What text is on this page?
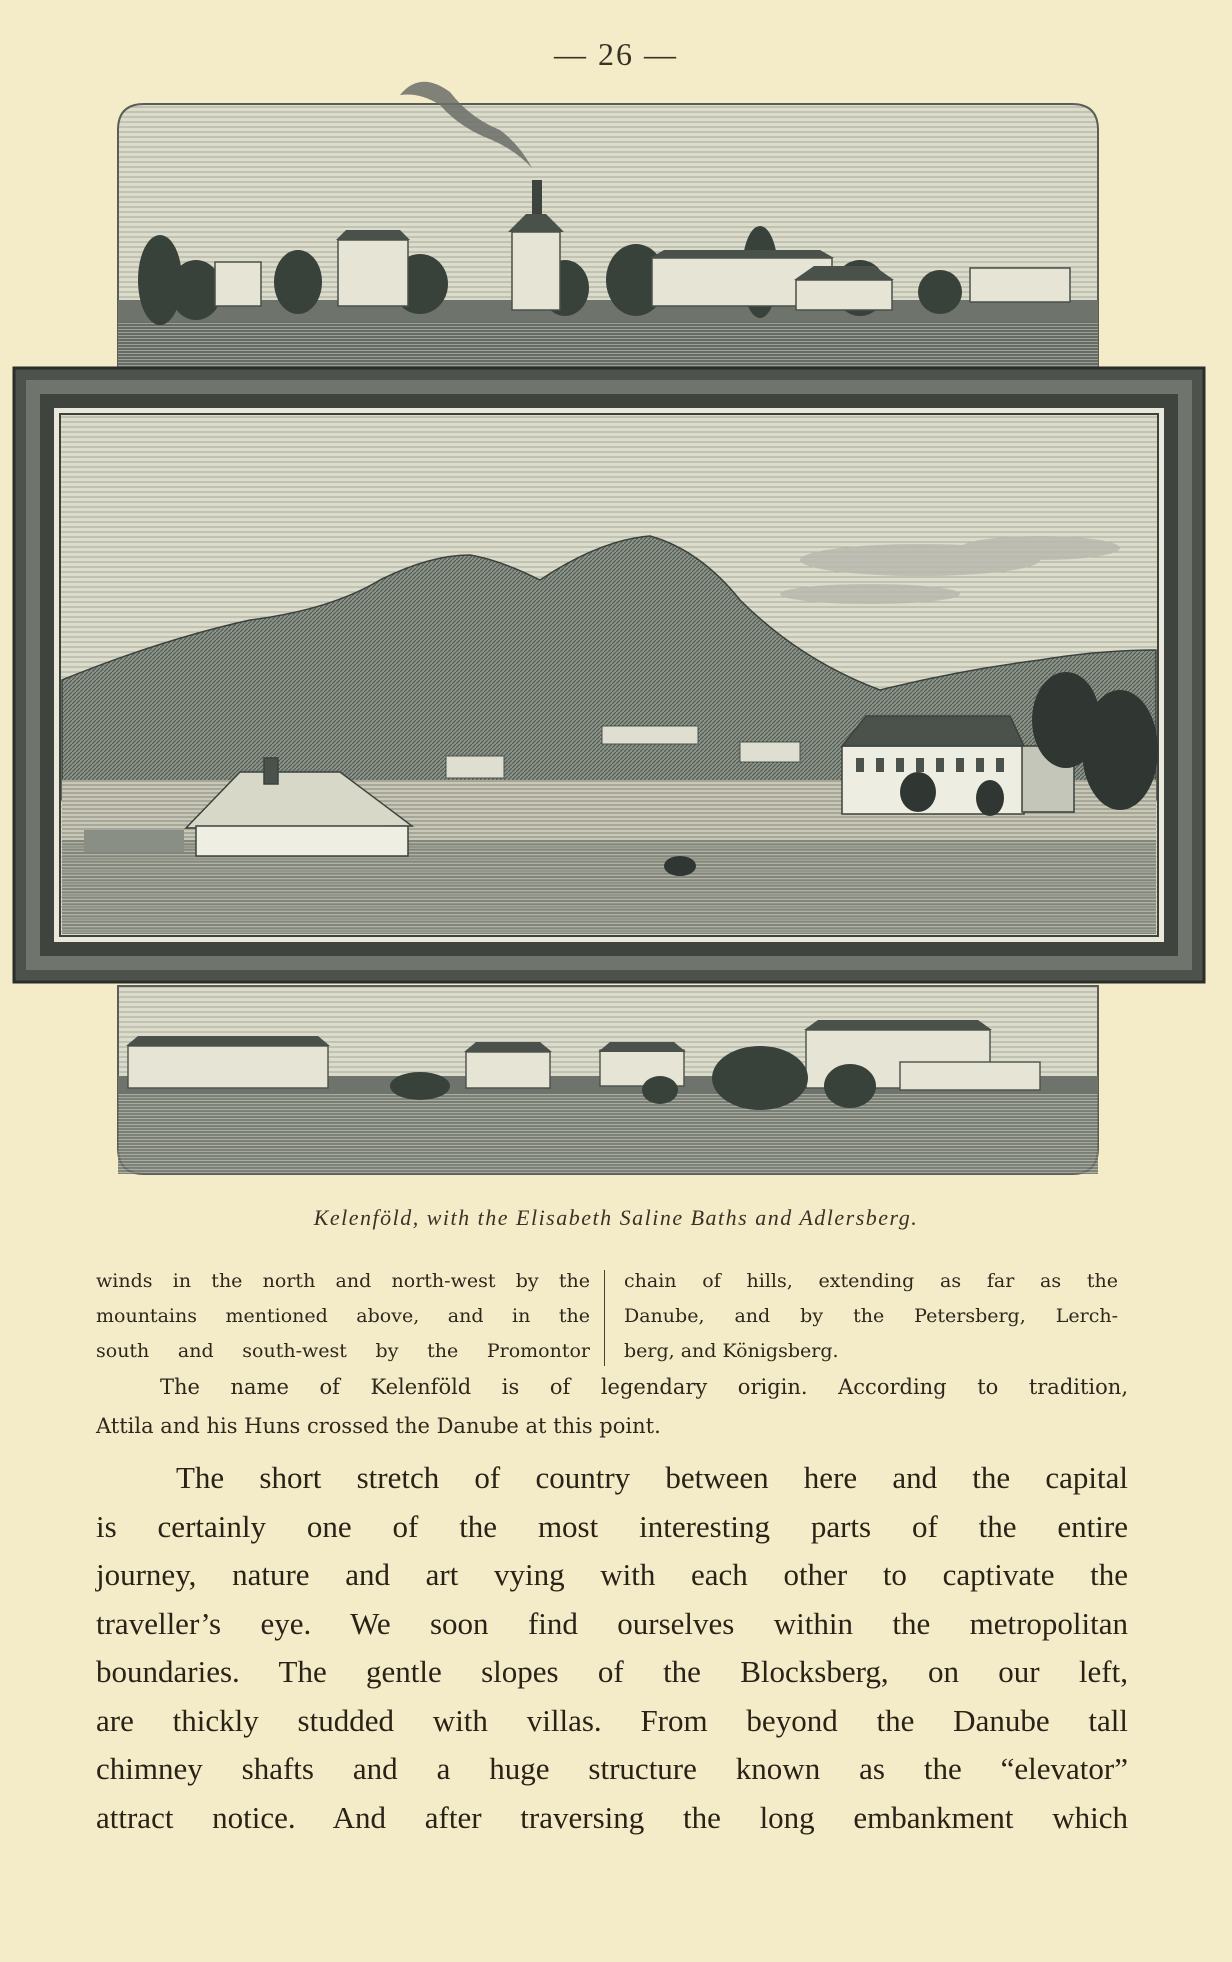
— 26 —
Kelenföld, with the Elisabeth Saline Baths and Adlersberg.
winds in the north and north-west by the
mountains mentioned above, and in the
south and south-west by the Promontor
chain of hills, extending as far as the
Danube, and by the Petersberg, Lerch-
berg, and Königsberg.
The name of Kelenföld is of legendary origin. According to tradition,
Attila and his Huns crossed the Danube at this point.
The short stretch of country between here and the capital
is certainly one of the most interesting parts of the entire
journey, nature and art vying with each other to captivate the
traveller’s eye. We soon find ourselves within the metropolitan
boundaries. The gentle slopes of the Blocksberg, on our left,
are thickly studded with villas. From beyond the Danube tall
chimney shafts and a huge structure known as the “elevator”
attract notice. And after traversing the long embankment which
